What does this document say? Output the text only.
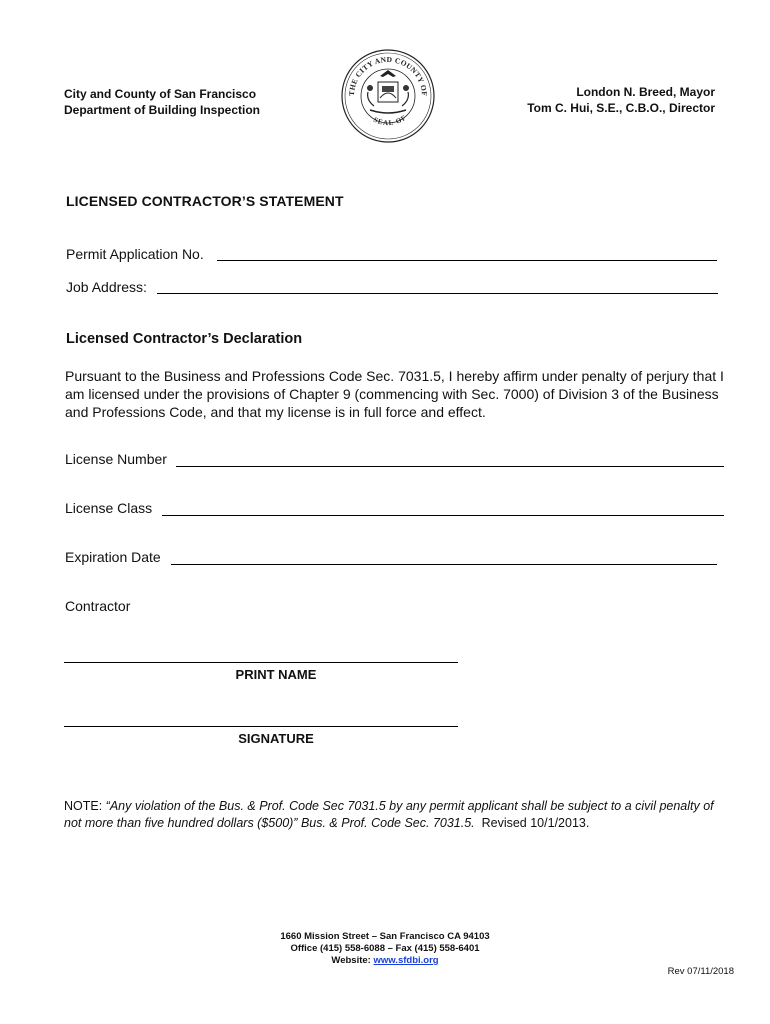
City and County of San Francisco
Department of Building Inspection
THE CITY AND COUNTY OF
SEAL OF
London N. Breed, Mayor
Tom C. Hui, S.E., C.B.O., Director
LICENSED CONTRACTOR’S STATEMENT
Permit Application No.
Job Address:
Licensed Contractor’s Declaration
Pursuant to the Business and Professions Code Sec. 7031.5, I hereby affirm under penalty of perjury that I am licensed under the provisions of Chapter 9 (commencing with Sec. 7000) of Division 3 of the Business and Professions Code, and that my license is in full force and effect.
License Number
License Class
Expiration Date
Contractor
PRINT NAME
SIGNATURE
NOTE: “Any violation of the Bus. & Prof. Code Sec 7031.5 by any permit applicant shall be subject to a civil penalty of not more than five hundred dollars ($500)” Bus. & Prof. Code Sec. 7031.5.  Revised 10/1/2013.
1660 Mission Street – San Francisco CA 94103
Office (415) 558-6088 – Fax (415) 558-6401
Website: www.sfdbi.org
Rev 07/11/2018
